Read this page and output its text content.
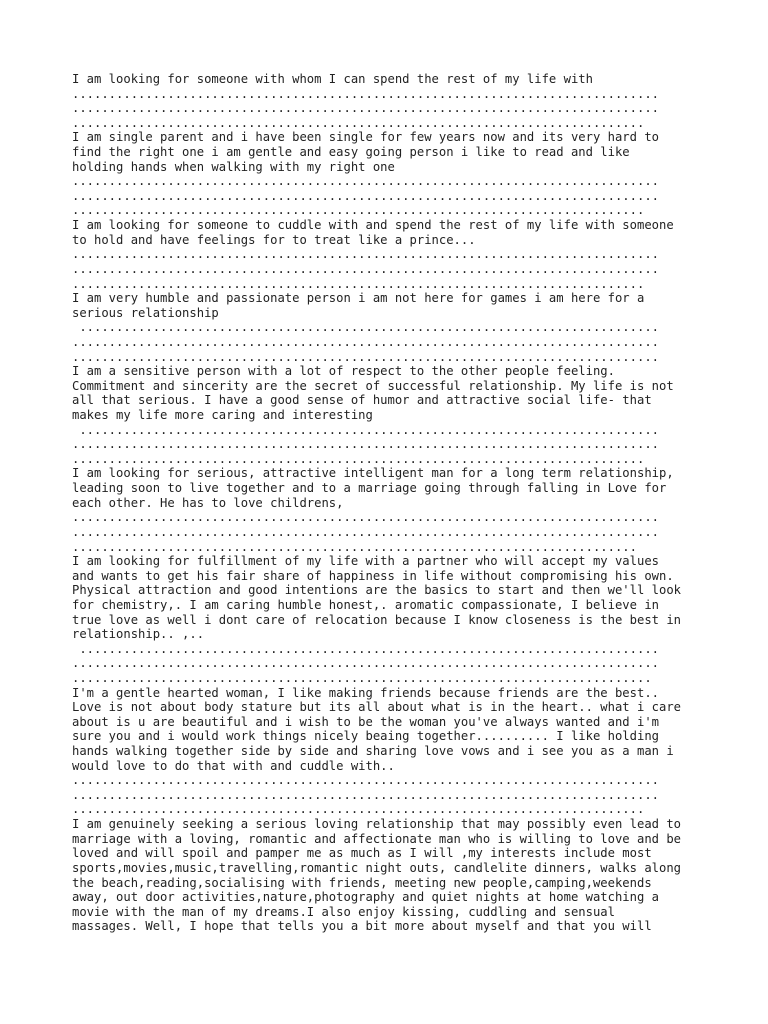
I am looking for someone with whom I can spend the rest of my life with
................................................................................
................................................................................
..............................................................................
I am single parent and i have been single for few years now and its very hard to
find the right one i am gentle and easy going person i like to read and like
holding hands when walking with my right one
................................................................................
................................................................................
..............................................................................
I am looking for someone to cuddle with and spend the rest of my life with someone
to hold and have feelings for to treat like a prince...
................................................................................
................................................................................
..............................................................................
I am very humble and passionate person i am not here for games i am here for a
serious relationship
...............................................................................
................................................................................
................................................................................
I am a sensitive person with a lot of respect to the other people feeling.
Commitment and sincerity are the secret of successful relationship. My life is not
all that serious. I have a good sense of humor and attractive social life- that
makes my life more caring and interesting
...............................................................................
................................................................................
..............................................................................
I am looking for serious, attractive intelligent man for a long term relationship,
leading soon to live together and to a marriage going through falling in Love for
each other. He has to love childrens,
................................................................................
................................................................................
.............................................................................
I am looking for fulfillment of my life with a partner who will accept my values
and wants to get his fair share of happiness in life without compromising his own.
Physical attraction and good intentions are the basics to start and then we'll look
for chemistry,. I am caring humble honest,. aromatic compassionate, I believe in
true love as well i dont care of relocation because I know closeness is the best in
relationship.. ,..
...............................................................................
................................................................................
...............................................................................
I'm a gentle hearted woman, I like making friends because friends are the best..
Love is not about body stature but its all about what is in the heart.. what i care
about is u are beautiful and i wish to be the woman you've always wanted and i'm
sure you and i would work things nicely beaing together.......... I like holding
hands walking together side by side and sharing love vows and i see you as a man i
would love to do that with and cuddle with..
................................................................................
................................................................................
..............................................................................
I am genuinely seeking a serious loving relationship that may possibly even lead to
marriage with a loving, romantic and affectionate man who is willing to love and be
loved and will spoil and pamper me as much as I will ,my interests include most
sports,movies,music,travelling,romantic night outs, candlelite dinners, walks along
the beach,reading,socialising with friends, meeting new people,camping,weekends
away, out door activities,nature,photography and quiet nights at home watching a
movie with the man of my dreams.I also enjoy kissing, cuddling and sensual
massages. Well, I hope that tells you a bit more about myself and that you will
